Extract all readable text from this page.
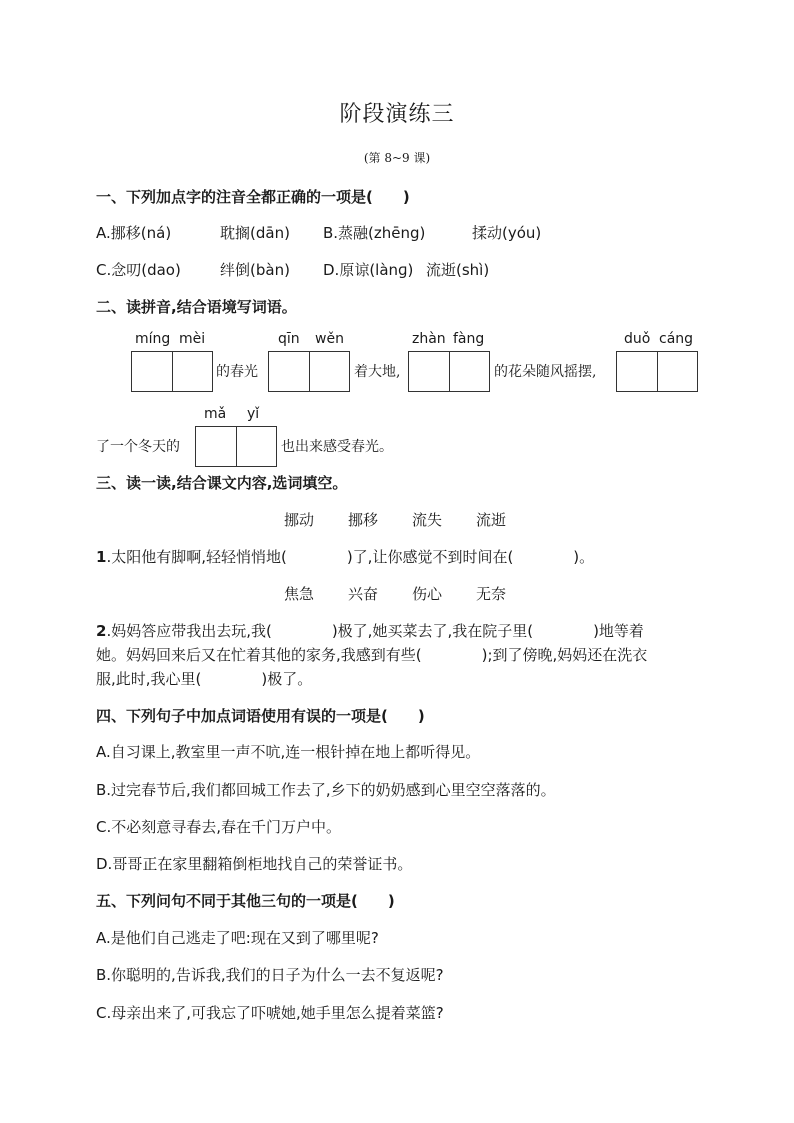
阶段演练三
(第 8~9 课)
一、下列加点字的注音全都正确的一项是(　　)
A.挪移(ná)	耽搁(dān) B.蒸融(zhēng)	揉动(yóu)
C.念叨(dao)	绊倒(bàn) D.原谅(lànɡ) 流逝(shì)
二、读拼音,结合语境写词语。
míng mèi
的春光
qīn wěn
着大地,
zhàn fàng
的花朵随风摇摆,
duǒ cáng
了一个冬天的
mǎ yǐ
也出来感受春光。
三、读一读,结合课文内容,选词填空。
挪动 挪移 流失 流逝
1.太阳他有脚啊,轻轻悄悄地(　　　　)了,让你感觉不到时间在(　　　　)。
焦急 兴奋 伤心 无奈
2.妈妈答应带我出去玩,我(　　　　)极了,她买菜去了,我在院子里(　　　　)地等着
她。妈妈回来后又在忙着其他的家务,我感到有些(　　　　);到了傍晚,妈妈还在洗衣
服,此时,我心里(　　　　)极了。
四、下列句子中加点词语使用有误的一项是(　　)
A.自习课上,教室里一声不吭,连一根针掉在地上都听得见。
B.过完春节后,我们都回城工作去了,乡下的奶奶感到心里空空落落的。
C.不必刻意寻春去,春在千门万户中。
D.哥哥正在家里翻箱倒柜地找自己的荣誉证书。
五、下列问句不同于其他三句的一项是(　　)
A.是他们自己逃走了吧:现在又到了哪里呢?
B.你聪明的,告诉我,我们的日子为什么一去不复返呢?
C.母亲出来了,可我忘了吓唬她,她手里怎么提着菜篮?
